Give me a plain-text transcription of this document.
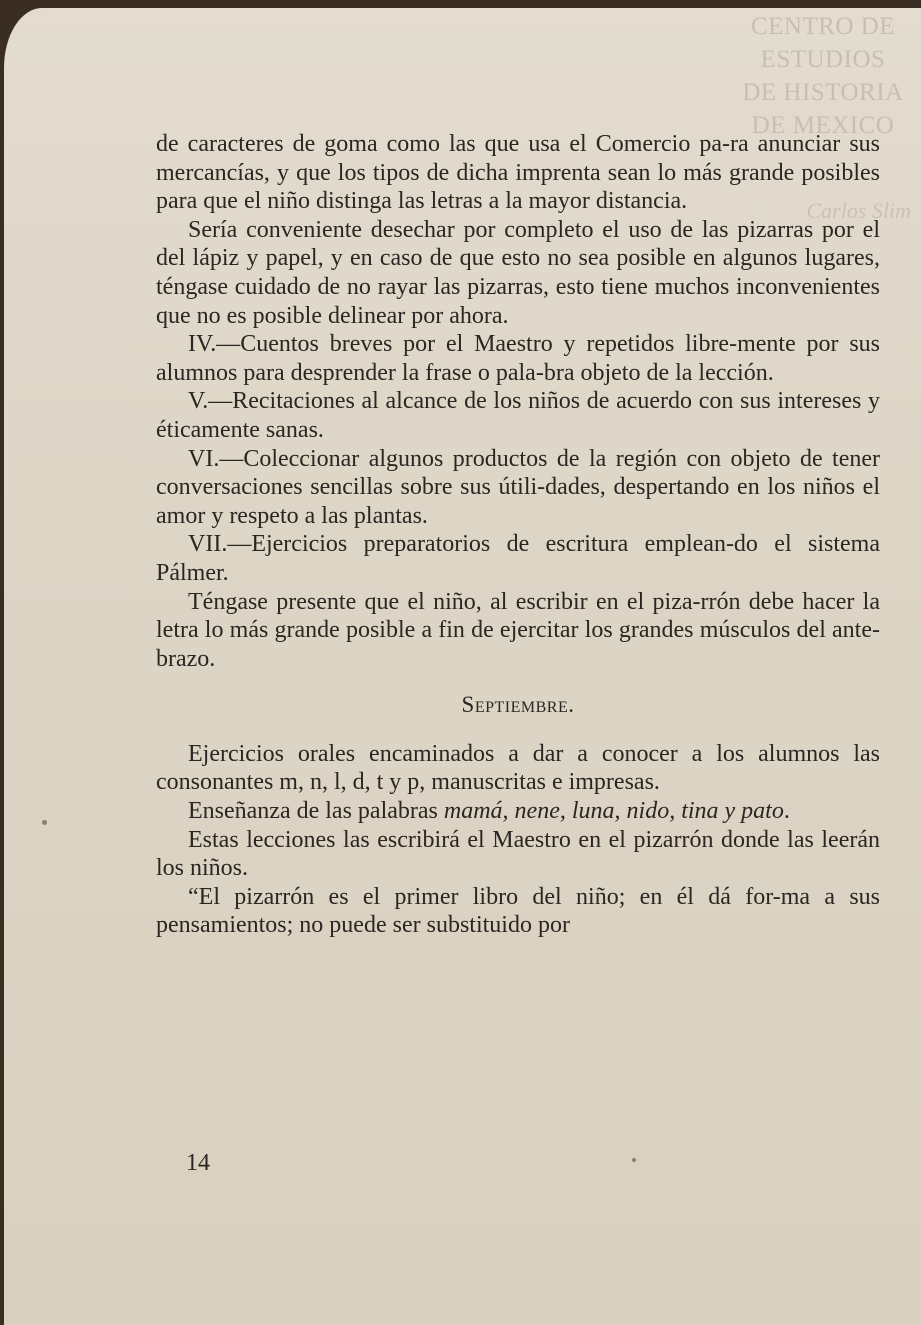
CENTRO DE
ESTUDIOS
DE HISTORIA
DE MEXICO
Carlos Slim

de caracteres de goma como las que usa el Comercio pa-ra anunciar sus mercancías, y que los tipos de dicha imprenta sean lo más grande posibles para que el niño distinga las letras a la mayor distancia.

Sería conveniente desechar por completo el uso de las pizarras por el del lápiz y papel, y en caso de que esto no sea posible en algunos lugares, téngase cuidado de no rayar las pizarras, esto tiene muchos inconvenientes que no es posible delinear por ahora.

IV.—Cuentos breves por el Maestro y repetidos libre-mente por sus alumnos para desprender la frase o pala-bra objeto de la lección.

V.—Recitaciones al alcance de los niños de acuerdo con sus intereses y éticamente sanas.

VI.—Coleccionar algunos productos de la región con objeto de tener conversaciones sencillas sobre sus útili-dades, despertando en los niños el amor y respeto a las plantas.

VII.—Ejercicios preparatorios de escritura emplean-do el sistema Pálmer.

Téngase presente que el niño, al escribir en el piza-rrón debe hacer la letra lo más grande posible a fin de ejercitar los grandes músculos del ante-brazo.

Septiembre.

Ejercicios orales encaminados a dar a conocer a los alumnos las consonantes m, n, l, d, t y p, manuscritas e impresas.

Enseñanza de las palabras mamá, nene, luna, nido, tina y pato.

Estas lecciones las escribirá el Maestro en el pizarrón donde las leerán los niños.

“El pizarrón es el primer libro del niño; en él dá for-ma a sus pensamientos; no puede ser substituido por

14
